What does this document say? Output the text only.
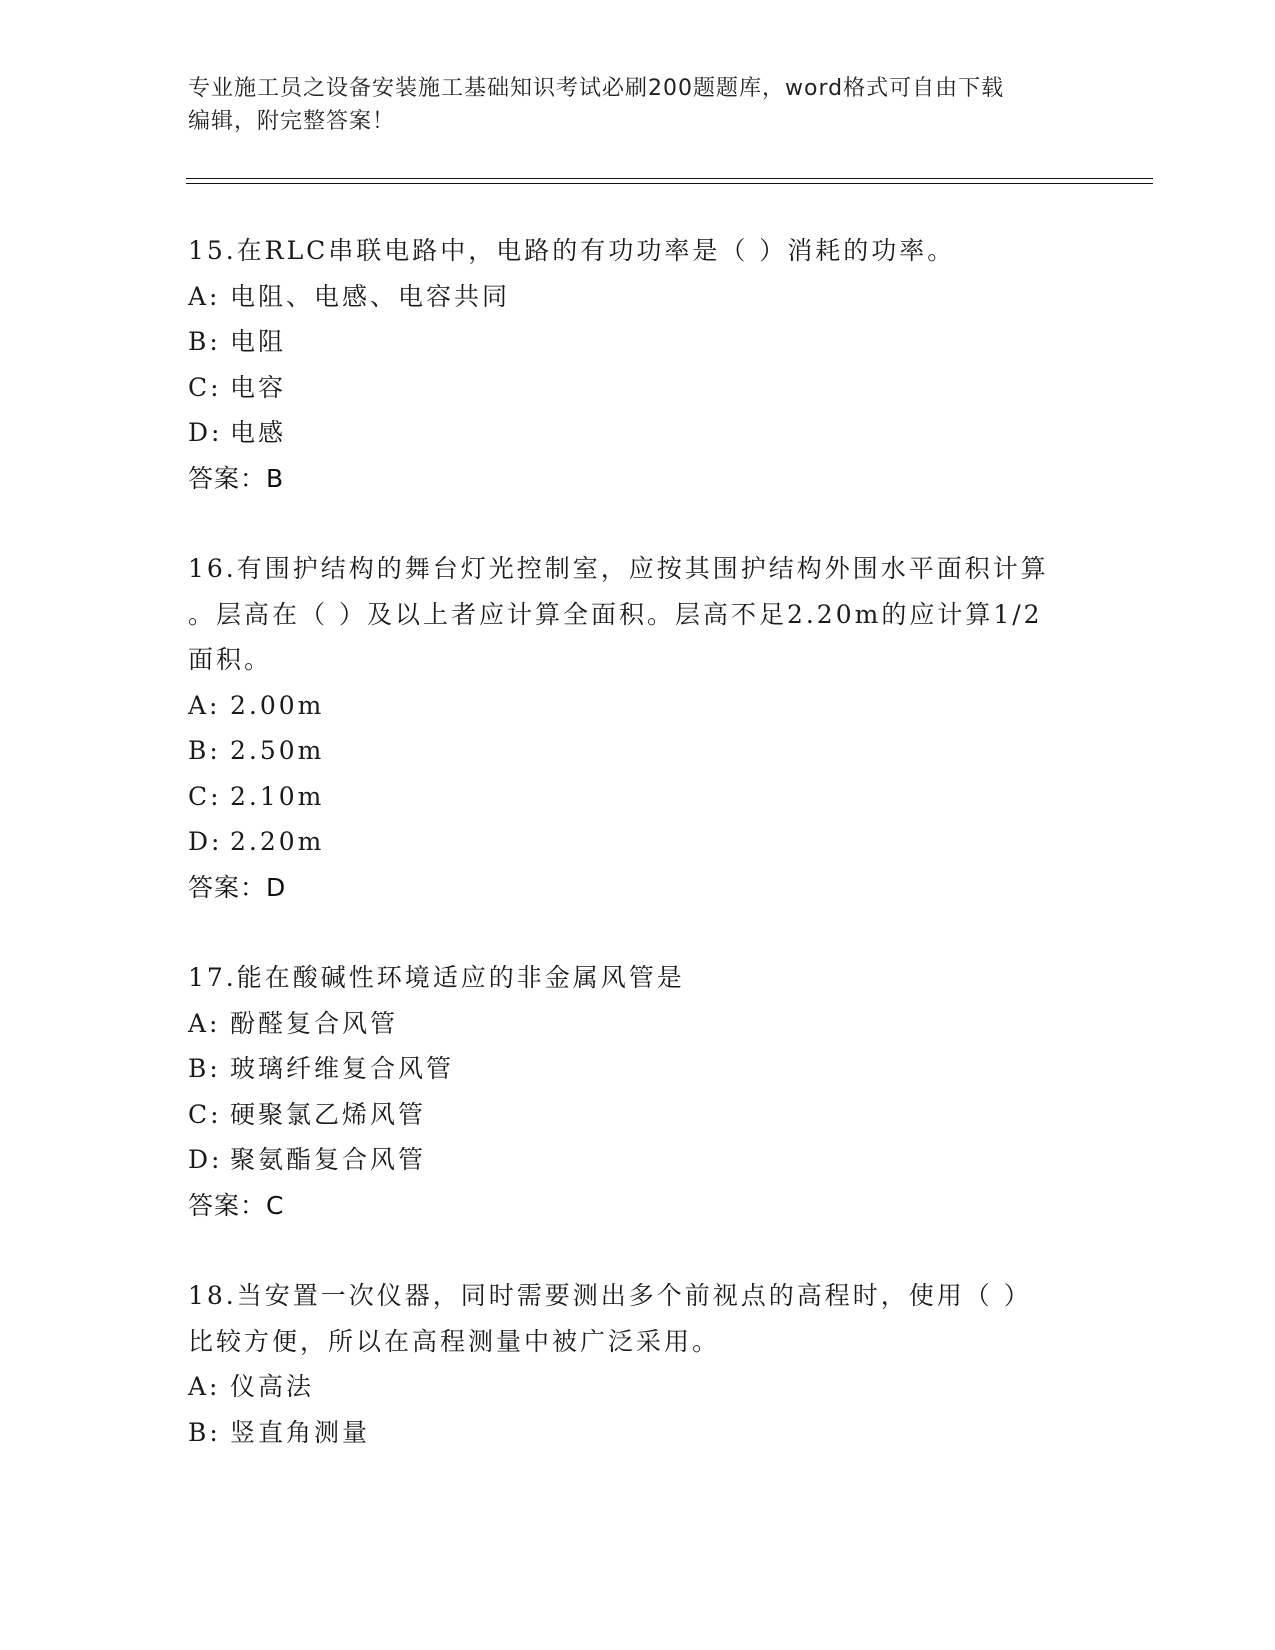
专业施工员之设备安装施工基础知识考试必刷200题题库，word格式可自由下载
编辑，附完整答案！
15.在RLC串联电路中，电路的有功功率是（ ）消耗的功率。
A: 电阻、电感、电容共同
B: 电阻
C: 电容
D: 电感
答案：B
16.有围护结构的舞台灯光控制室，应按其围护结构外围水平面积计算
。层高在（ ）及以上者应计算全面积。层高不足2.20m的应计算1/2
面积。
A: 2.00m
B: 2.50m
C: 2.10m
D: 2.20m
答案：D
17.能在酸碱性环境适应的非金属风管是
A: 酚醛复合风管
B: 玻璃纤维复合风管
C: 硬聚氯乙烯风管
D: 聚氨酯复合风管
答案：C
18.当安置一次仪器，同时需要测出多个前视点的高程时，使用（ ）
比较方便，所以在高程测量中被广泛采用。
A: 仪高法
B: 竖直角测量
